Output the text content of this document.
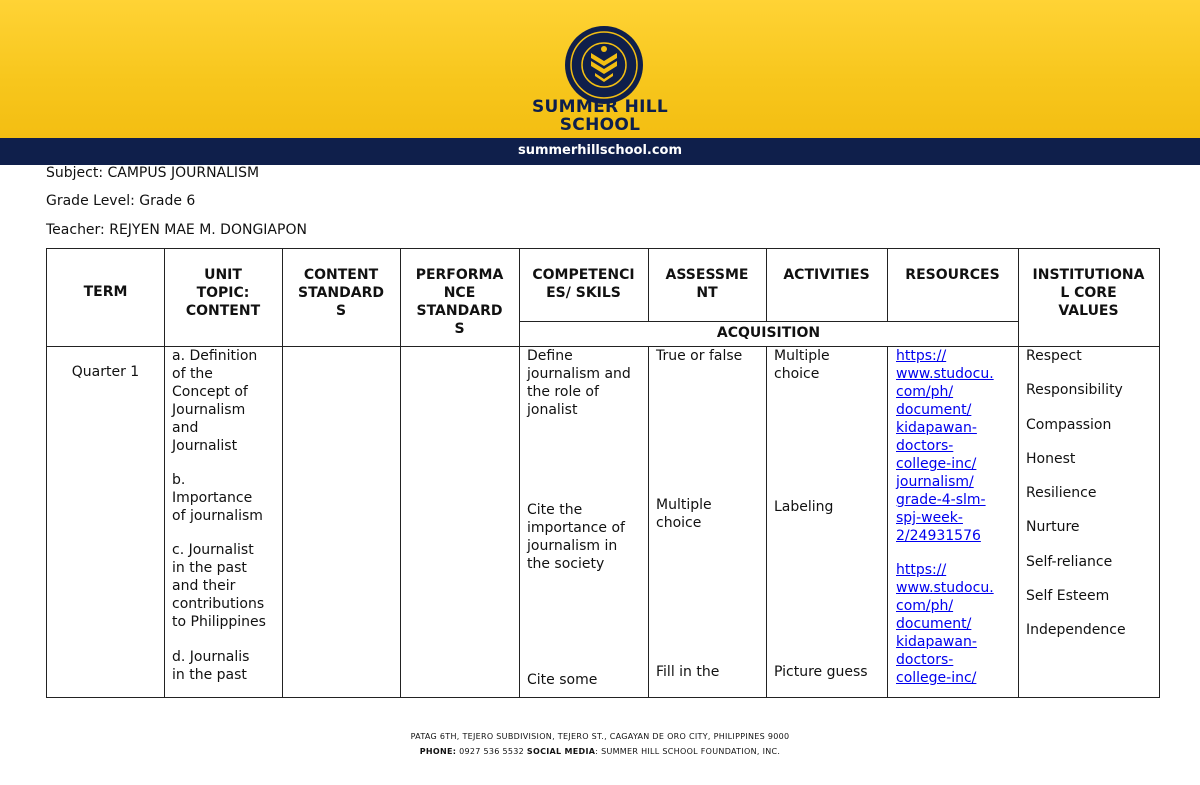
SUMMER HILL
SCHOOL
summerhillschool.com
Subject: CAMPUS JOURNALISM
Grade Level: Grade 6
Teacher: REJYEN MAE M. DONGIAPON
TERM
UNIT
TOPIC:
CONTENT
CONTENT
STANDARD
S
PERFORMA
NCE
STANDARD
S
COMPETENCI
ES/ SKILS
ASSESSME
NT
ACTIVITIES	RESOURCES	INSTITUTIONA
L CORE
VALUES
ACQUISITION
Quarter 1
a. Definition
of the
Concept of
Journalism
and
Journalist
b.
Importance
of journalism
c. Journalist
in the past
and their
contributions
to Philippines
d. Journalis
in the past
Define
journalism and
the role of
jonalist
Cite the
importance of
journalism in
the society
Cite some
True or false
Multiple
choice
Fill in the
Multiple
choice
Labeling
Picture guess
https://
www.studocu.
com/ph/
document/
kidapawan-
doctors-
college-inc/
journalism/
grade-4-slm-
spj-week-
2/24931576
https://
www.studocu.
com/ph/
document/
kidapawan-
doctors-
college-inc/
Respect
Responsibility
Compassion
Honest
Resilience
Nurture
Self-reliance
Self Esteem
Independence
PATAG 6TH, TEJERO SUBDIVISION, TEJERO ST., CAGAYAN DE ORO CITY, PHILIPPINES 9000
PHONE: 0927 536 5532 SOCIAL MEDIA: SUMMER HILL SCHOOL FOUNDATION, INC.
